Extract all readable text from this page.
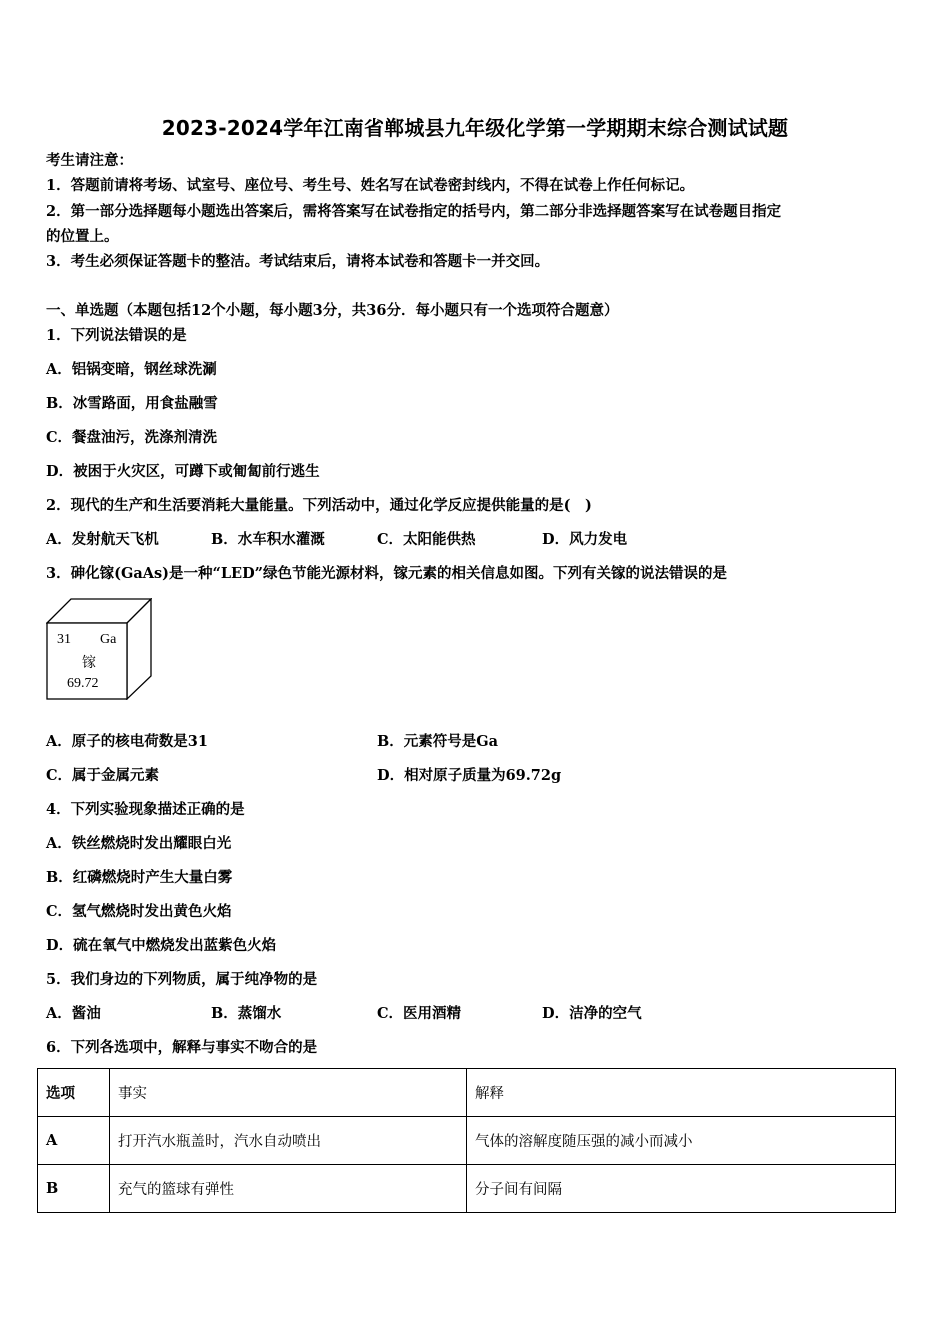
2023-2024学年江南省郸城县九年级化学第一学期期末综合测试试题
考生请注意：
1．答题前请将考场、试室号、座位号、考生号、姓名写在试卷密封线内，不得在试卷上作任何标记。
2．第一部分选择题每小题选出答案后，需将答案写在试卷指定的括号内，第二部分非选择题答案写在试卷题目指定
的位置上。
3．考生必须保证答题卡的整洁。考试结束后，请将本试卷和答题卡一并交回。
一、单选题（本题包括12个小题，每小题3分，共36分．每小题只有一个选项符合题意）
1．下列说法错误的是
A．铝锅变暗，钢丝球洗涮
B．冰雪路面，用食盐融雪
C．餐盘油污，洗涤剂清洗
D．被困于火灾区，可蹲下或匍匐前行逃生
2．现代的生产和生活要消耗大量能量。下列活动中，通过化学反应提供能量的是(　)
A．发射航天飞机	B．水车积水灌溉	C．太阳能供热	D．风力发电
3．砷化镓(GaAs)是一种“LED”绿色节能光源材料，镓元素的相关信息如图。下列有关镓的说法错误的是
31 Ga
镓
69.72
A．原子的核电荷数是31	B．元素符号是Ga
C．属于金属元素	D．相对原子质量为69.72g
4．下列实验现象描述正确的是
A．铁丝燃烧时发出耀眼白光
B．红磷燃烧时产生大量白雾
C．氢气燃烧时发出黄色火焰
D．硫在氧气中燃烧发出蓝紫色火焰
5．我们身边的下列物质，属于纯净物的是
A．酱油	B．蒸馏水	C．医用酒精	D．洁净的空气
6．下列各选项中，解释与事实不吻合的是
选项	事实	解释
A	打开汽水瓶盖时，汽水自动喷出	气体的溶解度随压强的减小而减小
B	充气的篮球有弹性	分子间有间隔
